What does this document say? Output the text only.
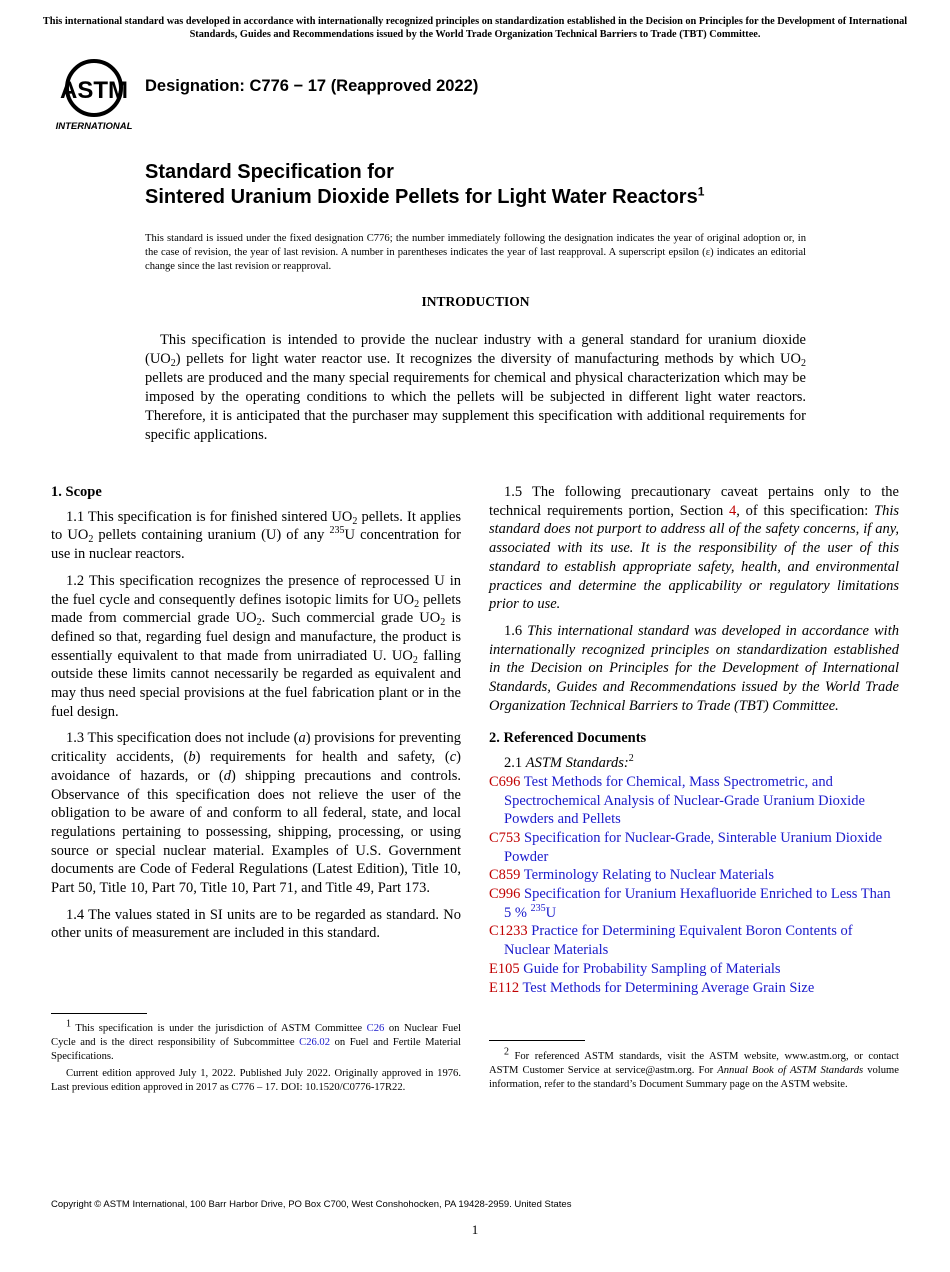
This international standard was developed in accordance with internationally recognized principles on standardization established in the Decision on Principles for the Development of International Standards, Guides and Recommendations issued by the World Trade Organization Technical Barriers to Trade (TBT) Committee.
ASTM
INTERNATIONAL
Designation: C776 − 17 (Reapproved 2022)
Standard Specification for
Sintered Uranium Dioxide Pellets for Light Water Reactors$^1$
This standard is issued under the fixed designation C776; the number immediately following the designation indicates the year of original adoption or, in the case of revision, the year of last revision. A number in parentheses indicates the year of last reapproval. A superscript epsilon (ε) indicates an editorial change since the last revision or reapproval.
INTRODUCTION

This specification is intended to provide the nuclear industry with a general standard for uranium dioxide $(UO_2)$ pellets for light water reactor use. It recognizes the diversity of manufacturing methods by which $UO_2$ pellets are produced and the many special requirements for chemical and physical characterization which may be imposed by the operating conditions to which the pellets will be subjected in different light water reactors. Therefore, it is anticipated that the purchaser may supplement this specification with additional requirements for specific applications.

1. Scope

1.1 This specification is for finished sintered $UO_2$ pellets. It applies to $UO_2$ pellets containing uranium (U) of any $^{235}$U concentration for use in nuclear reactors.

1.2 This specification recognizes the presence of reprocessed U in the fuel cycle and consequently defines isotopic limits for $UO_2$ pellets made from commercial grade $UO_2$. Such commercial grade $UO_2$ is defined so that, regarding fuel design and manufacture, the product is essentially equivalent to that made from unirradiated U. $UO_2$ falling outside these limits cannot necessarily be regarded as equivalent and may thus need special provisions at the fuel fabrication plant or in the fuel design.

1.3 This specification does not include (a) provisions for preventing criticality accidents, (b) requirements for health and safety, (c) avoidance of hazards, or (d) shipping precautions and controls. Observance of this specification does not relieve the user of the obligation to be aware of and conform to all federal, state, and local regulations pertaining to possessing, shipping, processing, or using source or special nuclear material. Examples of U.S. Government documents are Code of Federal Regulations (Latest Edition), Title 10, Part 50, Title 10, Part 70, Title 10, Part 71, and Title 49, Part 173.

1.4 The values stated in SI units are to be regarded as standard. No other units of measurement are included in this standard.

1.5 The following precautionary caveat pertains only to the technical requirements portion, Section 4, of this specification: This standard does not purport to address all of the safety concerns, if any, associated with its use. It is the responsibility of the user of this standard to establish appropriate safety, health, and environmental practices and determine the applicability or regulatory limitations prior to use.

1.6 This international standard was developed in accordance with internationally recognized principles on standardization established in the Decision on Principles for the Development of International Standards, Guides and Recommendations issued by the World Trade Organization Technical Barriers to Trade (TBT) Committee.

2. Referenced Documents
2.1 ASTM Standards:$^2$
C696 Test Methods for Chemical, Mass Spectrometric, and Spectrochemical Analysis of Nuclear-Grade Uranium Dioxide Powders and Pellets
C753 Specification for Nuclear-Grade, Sinterable Uranium Dioxide Powder
C859 Terminology Relating to Nuclear Materials
C996 Specification for Uranium Hexafluoride Enriched to Less Than 5 % $^{235}$U
C1233 Practice for Determining Equivalent Boron Contents of Nuclear Materials
E105 Guide for Probability Sampling of Materials
E112 Test Methods for Determining Average Grain Size

$^1$ This specification is under the jurisdiction of ASTM Committee C26 on Nuclear Fuel Cycle and is the direct responsibility of Subcommittee C26.02 on Fuel and Fertile Material Specifications.

Current edition approved July 1, 2022. Published July 2022. Originally approved in 1976. Last previous edition approved in 2017 as C776 – 17. DOI: 10.1520/C0776-17R22.

$^2$ For referenced ASTM standards, visit the ASTM website, www.astm.org, or contact ASTM Customer Service at service@astm.org. For Annual Book of ASTM Standards volume information, refer to the standard’s Document Summary page on the ASTM website.

Copyright © ASTM International, 100 Barr Harbor Drive, PO Box C700, West Conshohocken, PA 19428-2959. United States
1
